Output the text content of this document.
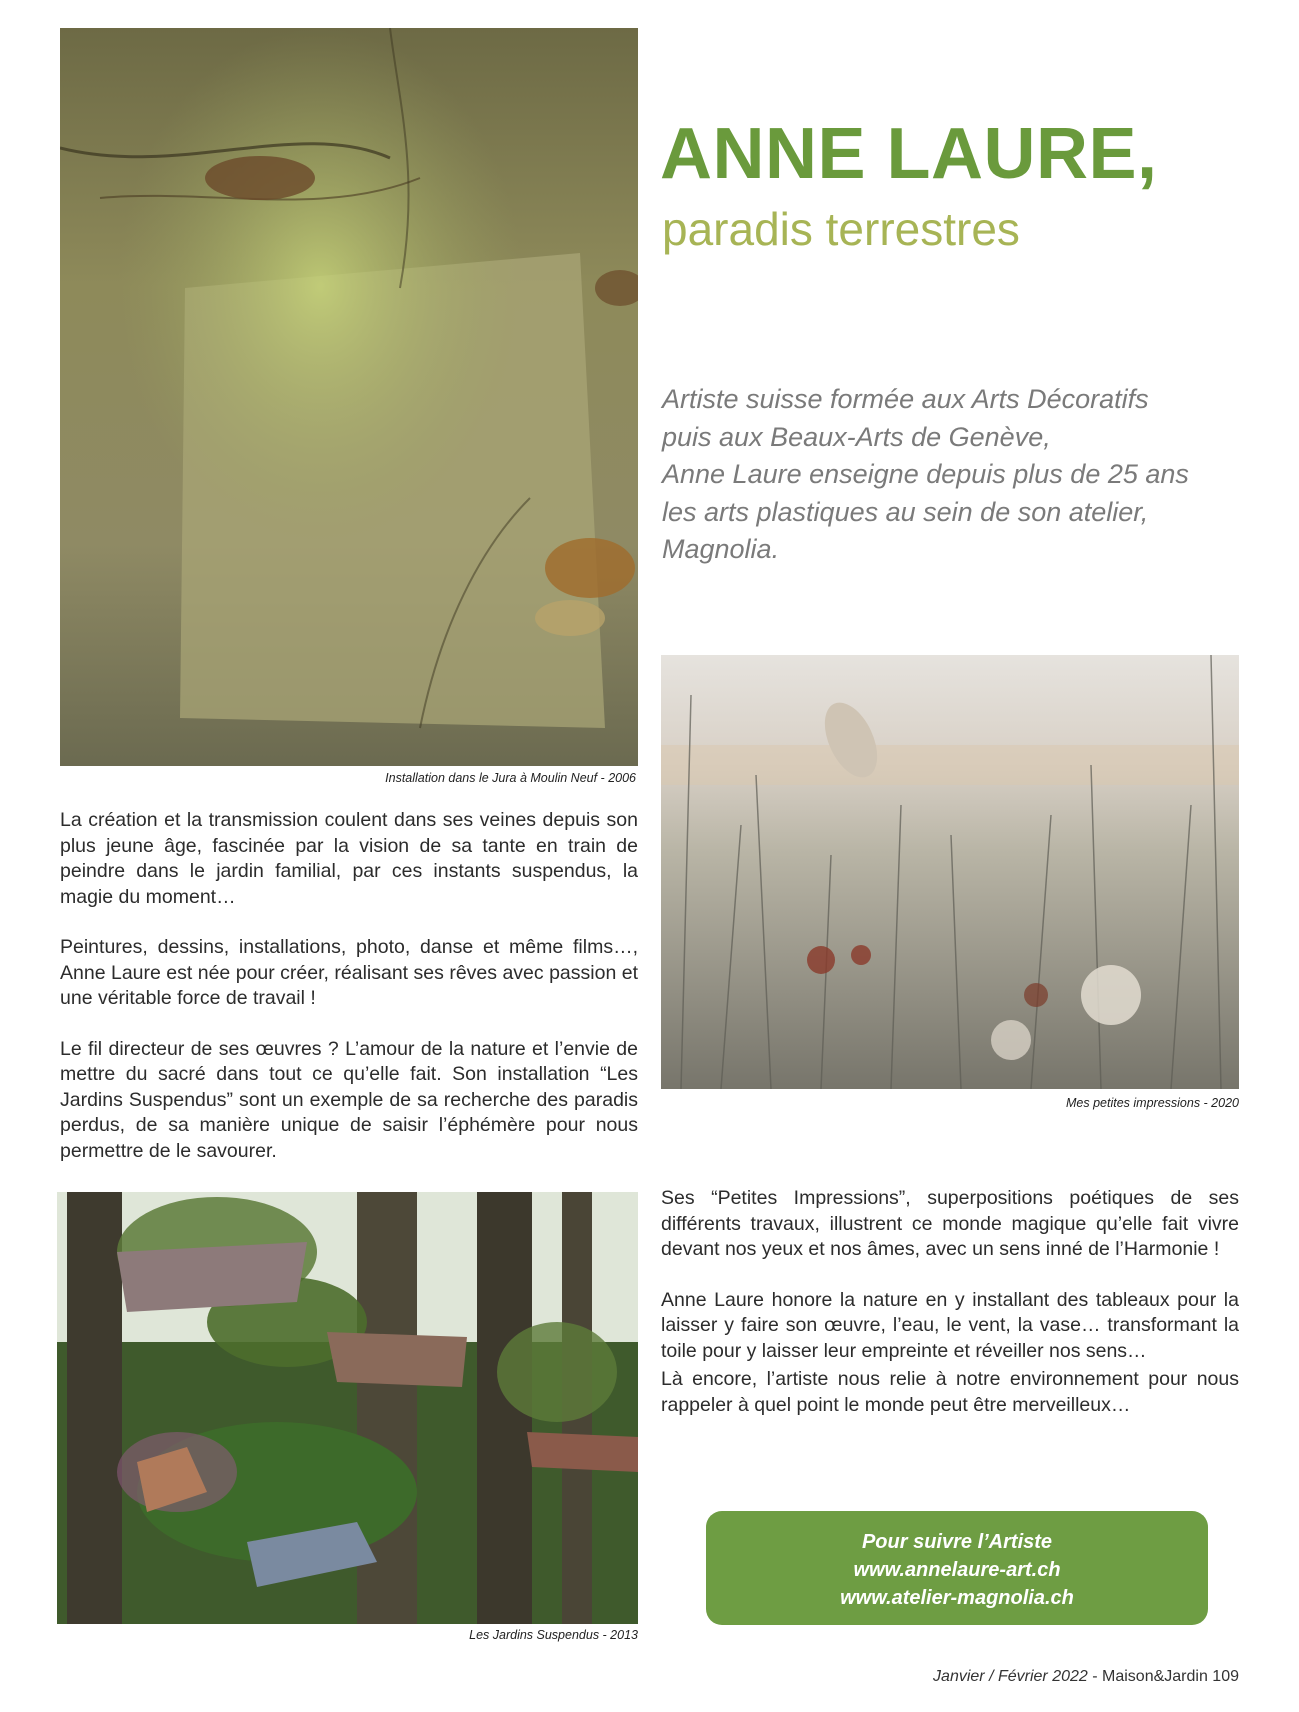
Installation dans le Jura à Moulin Neuf - 2006
ANNE LAURE,
paradis terrestres

Artiste suisse formée aux Arts Décoratifs

puis aux Beaux-Arts de Genève,

Anne Laure enseigne depuis plus de 25 ans

les arts plastiques au sein de son atelier,

Magnolia.

Mes petites impressions - 2020

La création et la transmission coulent dans ses veines depuis son plus jeune âge, fascinée par la vision de sa tante en train de peindre dans le jardin familial, par ces instants suspendus, la magie du moment…

Peintures, dessins, installations, photo, danse et même films…, Anne Laure est née pour créer, réalisant ses rêves avec passion et une véritable force de travail !

Le fil directeur de ses œuvres ? L’amour de la nature et l’envie de mettre du sacré dans tout ce qu’elle fait. Son installation “Les Jardins Suspendus” sont un exemple de sa recherche des paradis perdus, de sa manière unique de saisir l’éphémère pour nous permettre de le savourer.

Les Jardins Suspendus - 2013

Ses “Petites Impressions”, superpositions poétiques de ses différents travaux, illustrent ce monde magique qu’elle fait vivre devant nos yeux et nos âmes, avec un sens inné de l’Harmonie !

Anne Laure honore la nature en y installant des tableaux pour la laisser y faire son œuvre, l’eau, le vent, la vase… transformant la toile pour y laisser leur empreinte et réveiller nos sens…

Là encore, l’artiste nous relie à notre environnement pour nous rappeler à quel point le monde peut être merveilleux…

Pour suivre l’Artiste
www.annelaure-art.ch
www.atelier-magnolia.ch
Janvier / Février 2022 - Maison&Jardin 109
